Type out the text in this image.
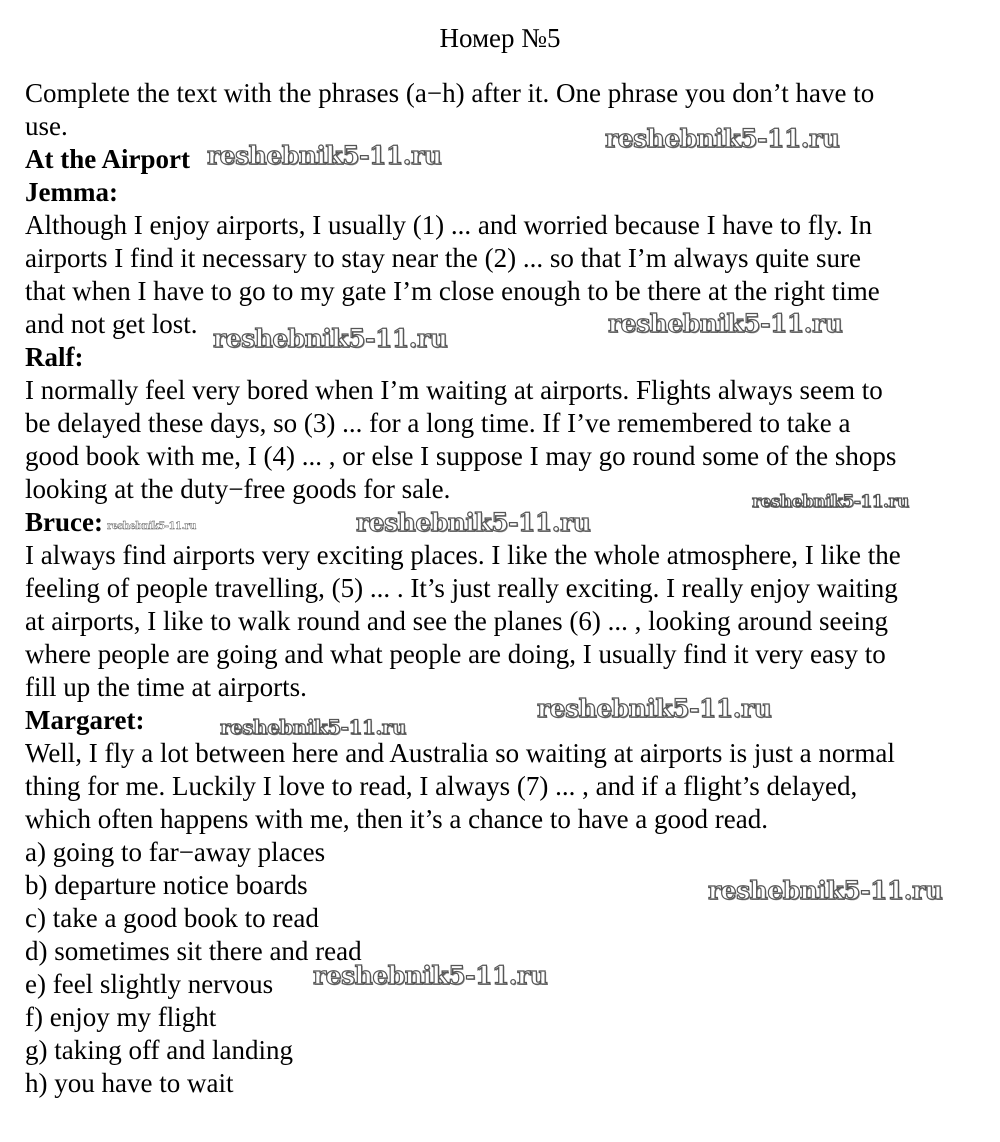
Номер №5
Complete the text with the phrases (a−h) after it. One phrase you don’t have to
use.
At the Airport
Jemma:
Although I enjoy airports, I usually (1) ... and worried because I have to fly. In
airports I find it necessary to stay near the (2) ... so that I’m always quite sure
that when I have to go to my gate I’m close enough to be there at the right time
and not get lost.
Ralf:
I normally feel very bored when I’m waiting at airports. Flights always seem to
be delayed these days, so (3) ... for a long time. If I’ve remembered to take a
good book with me, I (4) ... , or else I suppose I may go round some of the shops
looking at the duty−free goods for sale.
Bruce:
I always find airports very exciting places. I like the whole atmosphere, I like the
feeling of people travelling, (5) ... . It’s just really exciting. I really enjoy waiting
at airports, I like to walk round and see the planes (6) ... , looking around seeing
where people are going and what people are doing, I usually find it very easy to
fill up the time at airports.
Margaret:
Well, I fly a lot between here and Australia so waiting at airports is just a normal
thing for me. Luckily I love to read, I always (7) ... , and if a flight’s delayed,
which often happens with me, then it’s a chance to have a good read.
a) going to far−away places
b) departure notice boards
c) take a good book to read
d) sometimes sit there and read
e) feel slightly nervous
f) enjoy my flight
g) taking off and landing
h) you have to wait
reshebnik5-11.ru
reshebnik5-11.ru
reshebnik5-11.ru
reshebnik5-11.ru
reshebnik5-11.ru
reshebnik5-11.ru	reshebnik5-11.ru
reshebnik5-11.ru
reshebnik5-11.ru
reshebnik5-11.ru
reshebnik5-11.ru
